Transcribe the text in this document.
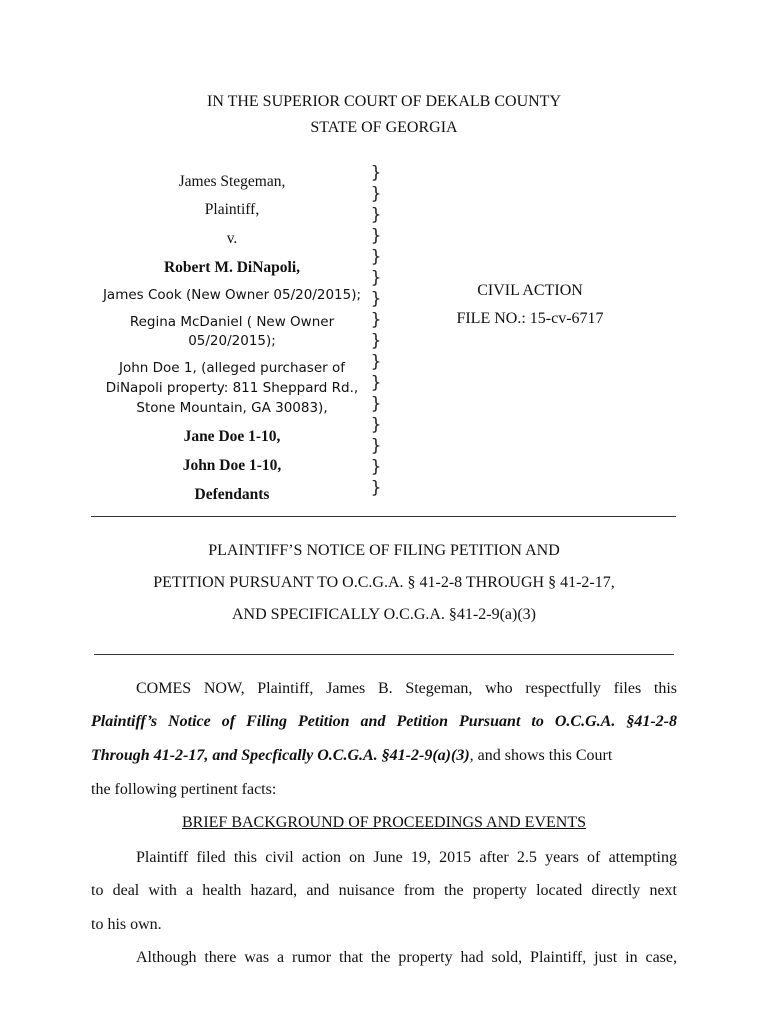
IN THE SUPERIOR COURT OF DEKALB COUNTY
STATE OF GEORGIA
James Stegeman,
Plaintiff,
v.
Robert M. DiNapoli,
James Cook (New Owner 05/20/2015);
Regina McDaniel ( New Owner
05/20/2015);
John Doe 1, (alleged purchaser of
DiNapoli property: 811 Sheppard Rd.,
Stone Mountain, GA 30083),
Jane Doe 1-10,
John Doe 1-10,
Defendants
}
}
}
}
}
}
}
}
}
}
}
}
}
}
}
}
CIVIL ACTION
FILE NO.: 15-cv-6717
PLAINTIFF’S NOTICE OF FILING PETITION AND
PETITION PURSUANT TO O.C.G.A. § 41-2-8 THROUGH § 41-2-17,
AND SPECIFICALLY O.C.G.A. §41-2-9(a)(3)
COMES NOW, Plaintiff, James B. Stegeman, who respectfully files this
Plaintiff’s Notice of Filing Petition and Petition Pursuant to O.C.G.A. §41-2-8
Through 41-2-17, and Specfically O.C.G.A. §41-2-9(a)(3), and shows this Court
the following pertinent facts:
BRIEF BACKGROUND OF PROCEEDINGS AND EVENTS
Plaintiff filed this civil action on June 19, 2015 after 2.5 years of attempting
to deal with a health hazard, and nuisance from the property located directly next
to his own.
Although there was a rumor that the property had sold, Plaintiff, just in case,
